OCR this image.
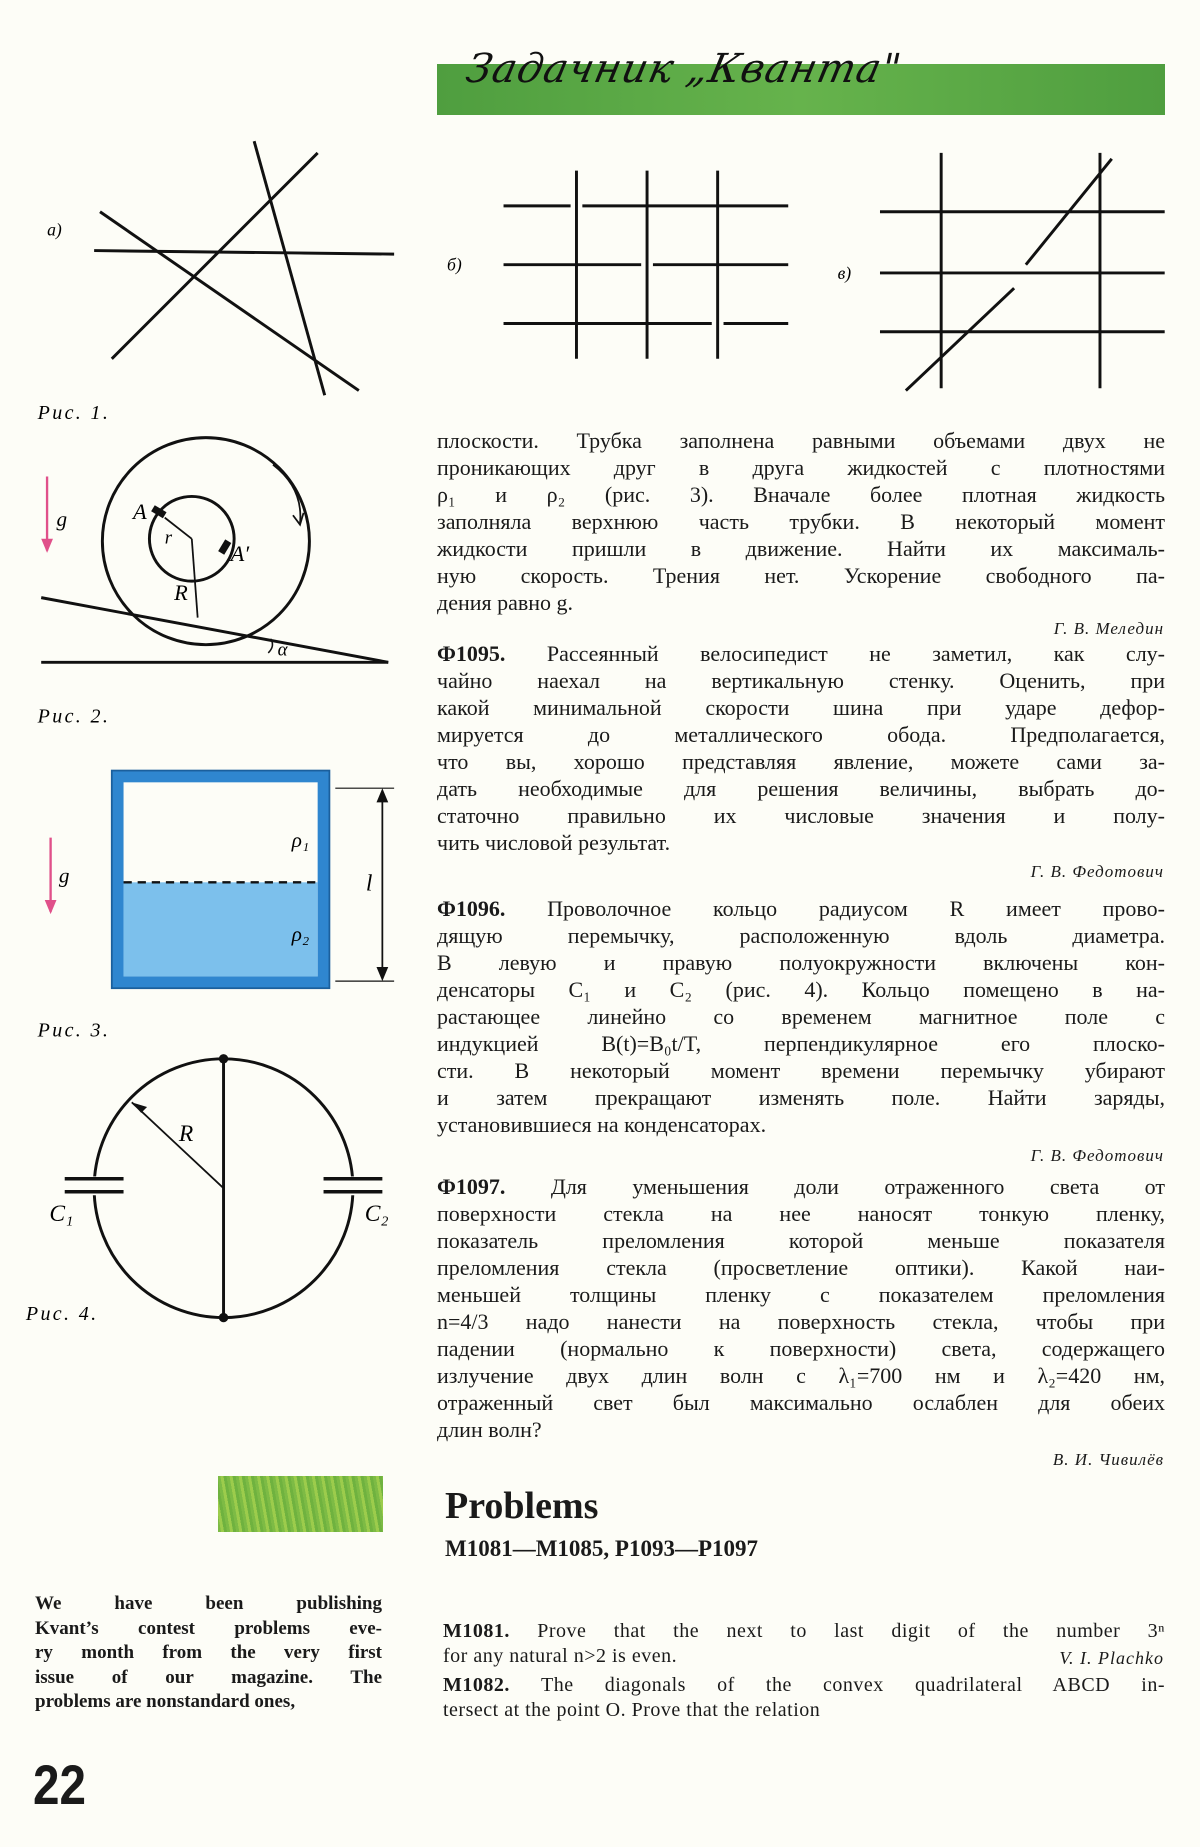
Задачник „Кванта"
а)
Рис. 1.
б)	в)
g	A
r
A′
R
α
Рис. 2.
g
ρ₁
ρ₂
l
Рис. 3.
R
C₁	C₂
Рис. 4.
плоскости. Трубка заполнена равными объемами двух не
проникающих друг в друга жидкостей с плотностями
ρ₁ и ρ₂ (рис. 3). Вначале более плотная жидкость
заполняла верхнюю часть трубки. В некоторый момент
жидкости пришли в движение. Найти их максималь-
ную скорость. Трения нет. Ускорение свободного па-
дения равно g.
Ф1095. Рассеянный велосипедист не заметил, как слу-
чайно наехал на вертикальную стенку. Оценить, при
какой минимальной скорости шина при ударе дефор-
мируется до металлического обода. Предполагается,
что вы, хорошо представляя явление, можете сами за-
дать необходимые для решения величины, выбрать до-
статочно правильно их числовые значения и полу-
чить числовой результат.
Ф1096. Проволочное кольцо радиусом R имеет прово-
дящую перемычку, расположенную вдоль диаметра.
В левую и правую полуокружности включены кон-
денсаторы C₁ и C₂ (рис. 4). Кольцо помещено в на-
растающее линейно со временем магнитное поле с
индукцией B(t)=B₀t/T, перпендикулярное его плоско-
сти. В некоторый момент времени перемычку убирают
и затем прекращают изменять поле. Найти заряды,
установившиеся на конденсаторах.
Ф1097. Для уменьшения доли отраженного света от
поверхности стекла на нее наносят тонкую пленку,
показатель преломления которой меньше показателя
преломления стекла (просветление оптики). Какой наи-
меньшей толщины пленку с показателем преломления
n=4/3 надо нанести на поверхность стекла, чтобы при
падении (нормально к поверхности) света, содержащего
излучение двух длин волн с λ₁=700 нм и λ₂=420 нм,
отраженный свет был максимально ослаблен для обеих
длин волн?
Г. В. Меледин
Г. В. Федотович
Г. В. Федотович
В. И. Чивилёв
Problems
M1081—M1085, P1093—P1097
M1081. Prove that the next to last digit of the number 3ⁿ
for any natural n>2 is even.	V. I. Plachko
M1082. The diagonals of the convex quadrilateral ABCD in-
tersect at the point O. Prove that the relation
We have been publishing
Kvant’s contest problems eve-
ry month from the very first
issue of our magazine. The
problems are nonstandard ones,
22
